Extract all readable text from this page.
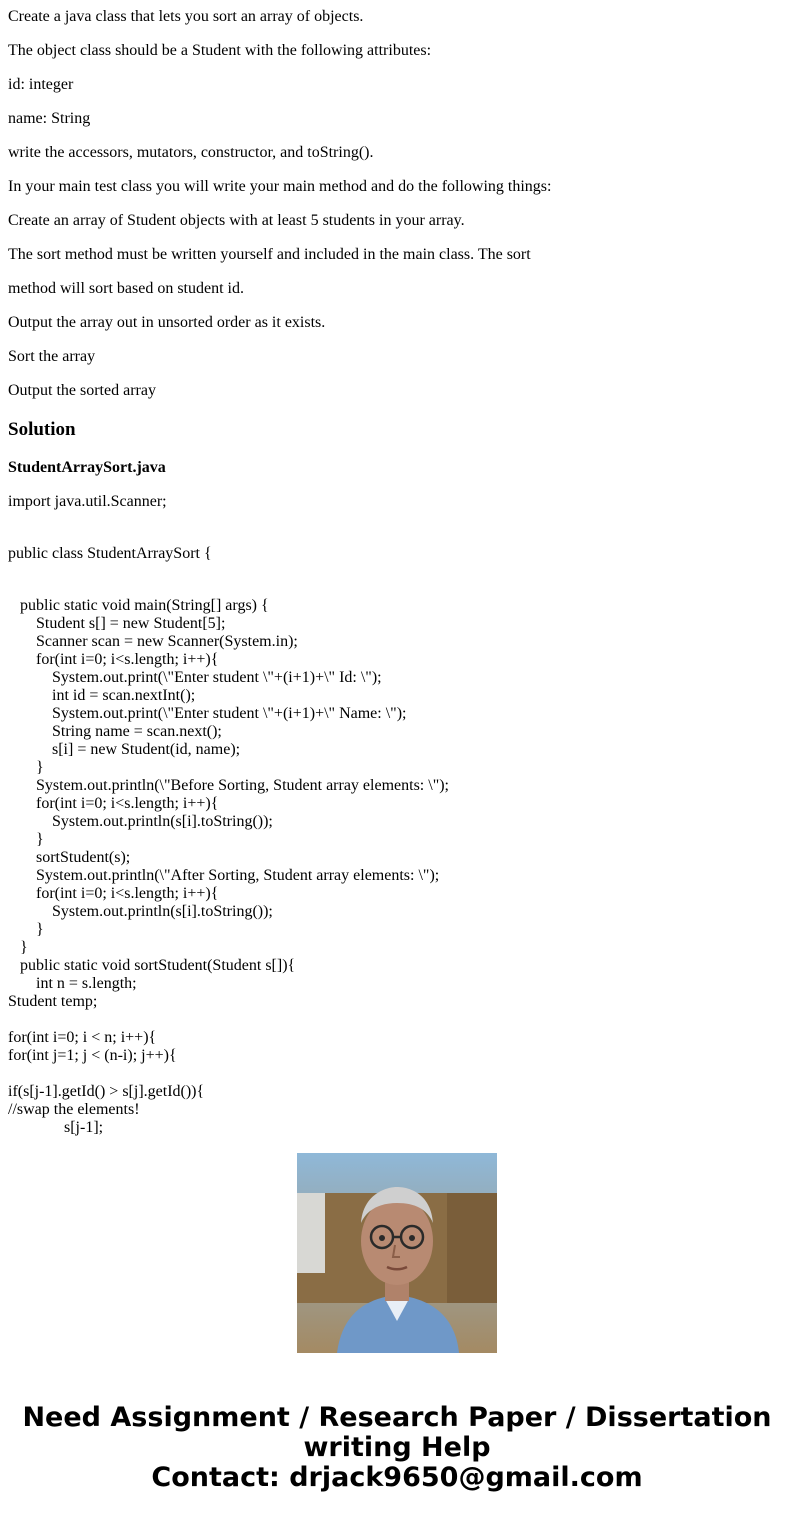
Create a java class that lets you sort an array of objects.

The object class should be a Student with the following attributes:

id: integer

name: String

write the accessors, mutators, constructor, and toString().

In your main test class you will write your main method and do the following things:

Create an array of Student objects with at least 5 students in your array.

The sort method must be written yourself and included in the main class. The sort

method will sort based on student id.

Output the array out in unsorted order as it exists.

Sort the array

Output the sorted array

Solution
StudentArraySort.java

import java.util.Scanner;

public class StudentArraySort {

public static void main(String[] args) {
Student s[] = new Student[5];
Scanner scan = new Scanner(System.in);
for(int i=0; i<s.length; i++){
System.out.print(\"Enter student \"+(i+1)+\" Id: \");
int id = scan.nextInt();
System.out.print(\"Enter student \"+(i+1)+\" Name: \");
String name = scan.next();
s[i] = new Student(id, name);
}
System.out.println(\"Before Sorting, Student array elements: \");
for(int i=0; i<s.length; i++){
System.out.println(s[i].toString());
}
sortStudent(s);
System.out.println(\"After Sorting, Student array elements: \");
for(int i=0; i<s.length; i++){
System.out.println(s[i].toString());
}
}
public static void sortStudent(Student s[]){
int n = s.length;
Student temp;

for(int i=0; i < n; i++){
for(int j=1; j < (n-i); j++){

if(s[j-1].getId() > s[j].getId()){
//swap the elements!
s[j-1];
Need Assignment / Research Paper / Dissertation
writing Help
Contact: drjack9650@gmail.com
